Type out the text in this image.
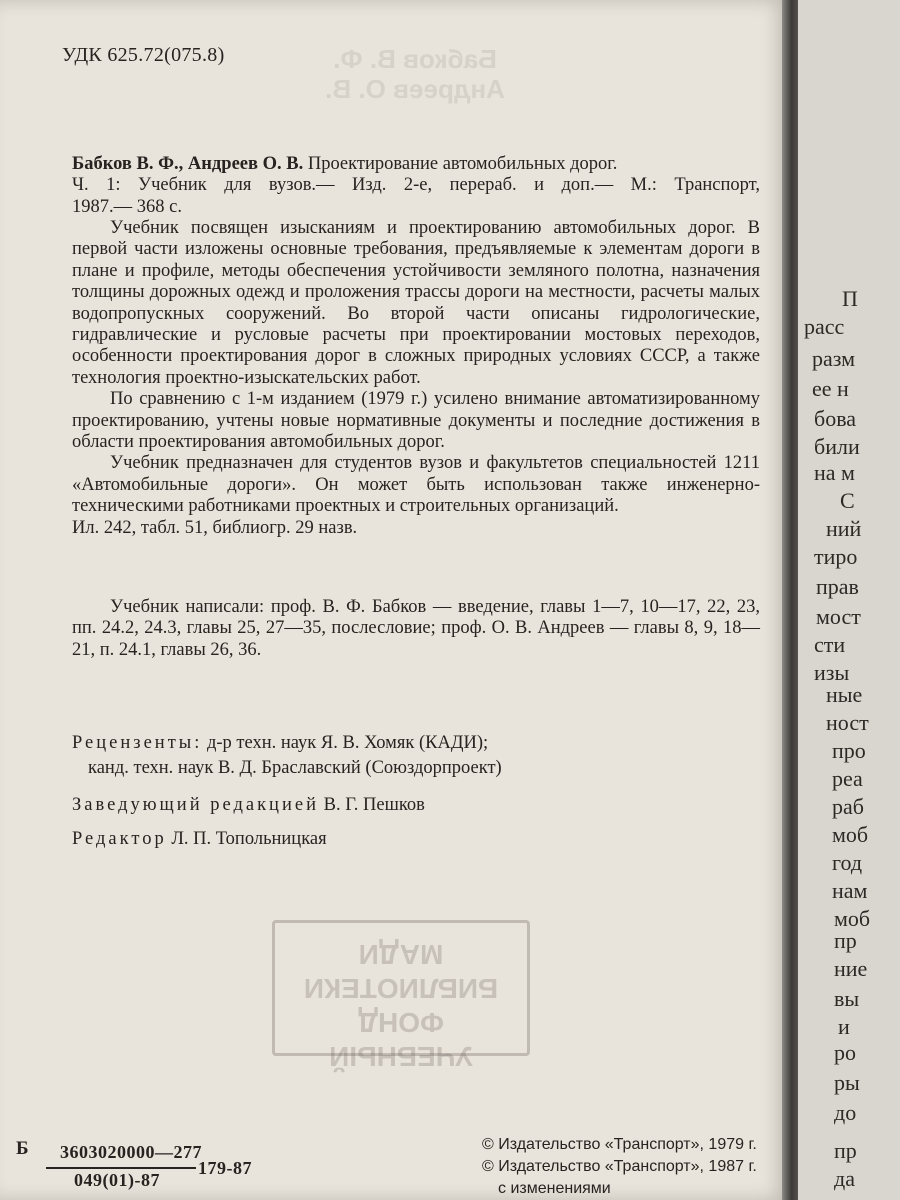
УДК 625.72(075.8)	Бабков В. Ф.
Андреев О. В.

Бабков В. Ф., Андреев О. В. Проектирование автомобильных дорог.

Ч. 1: Учебник для вузов.— Изд. 2-е, перераб. и доп.— М.: Транспорт,

1987.— 368 с.

Учебник посвящен изысканиям и проектированию автомобильных дорог. В первой части изложены основные требования, предъявляемые к элементам дороги в плане и профиле, методы обеспечения устойчивости земляного полотна, назначения толщины дорожных одежд и проложения трассы дороги на местности, расчеты малых водопропускных сооружений. Во второй части описаны гидрологические, гидравлические и русловые расчеты при проектировании мостовых переходов, особенности проектирования дорог в сложных природных условиях СССР, а также технология проектно-изыскательских работ.

По сравнению с 1-м изданием (1979 г.) усилено внимание автоматизированному проектированию, учтены новые нормативные документы и последние достижения в области проектирования автомобильных дорог.

Учебник предназначен для студентов вузов и факультетов специальностей 1211 «Автомобильные дороги». Он может быть использован также инженерно-техническими работниками проектных и строительных организаций.

Ил. 242, табл. 51, библиогр. 29 назв.

Учебник написали: проф. В. Ф. Бабков — введение, главы 1—7, 10—17, 22, 23, пп. 24.2, 24.3, главы 25, 27—35, послесловие; проф. О. В. Андреев — главы 8, 9, 18—21, п. 24.1, главы 26, 36.

Рецензенты: д-р техн. наук Я. В. Хомяк (КАДИ);

канд. техн. наук В. Д. Браславский (Союздорпроект)

Заведующий редакцией В. Г. Пешков

Редактор Л. П. Топольницкая

УЧЕБНЫЙ ФОНД
БИБЛИОТЕКИ
МАДИ
Б 3603020000—277
049(01)-87
179-87
© Издательство «Транспорт», 1979 г.
© Издательство «Транспорт», 1987 г.
с изменениями
П
расс
разм
ее н
бова
били
на м
С
ний
тиро
прав
мост
сти
изы
ные
ност
про
реа
раб
моб
год
нам
моб
пр
ние
вы
и
ро
ры
до
пр
да
